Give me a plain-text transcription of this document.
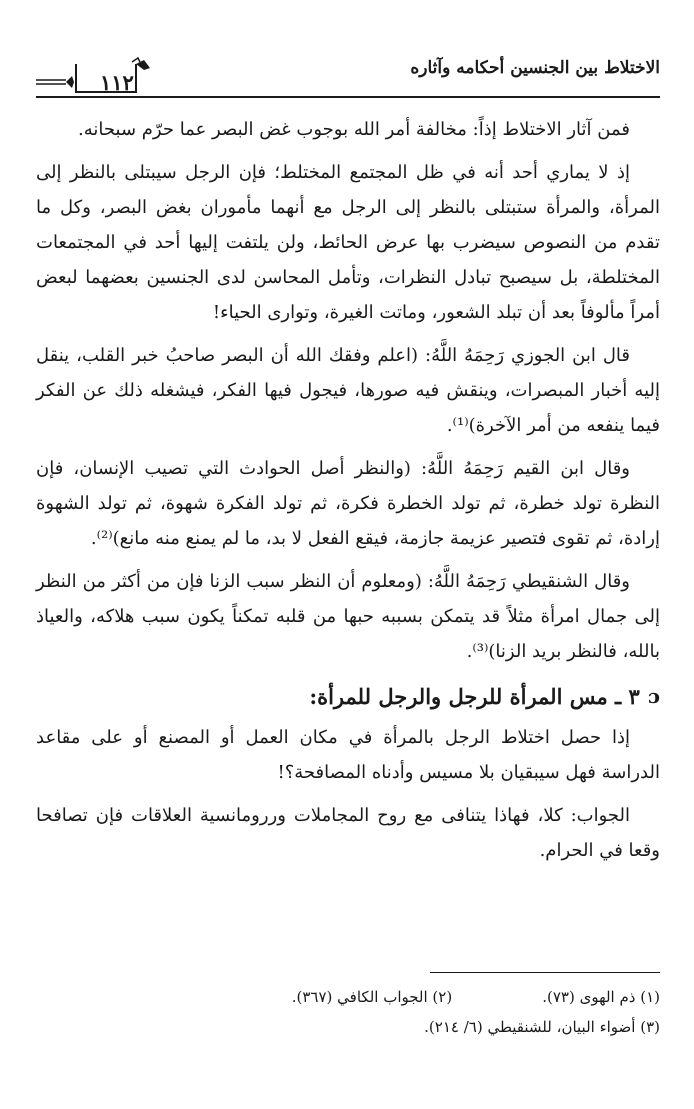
الاختلاط بين الجنسين أحكامه وآثاره
١١٢

فمن آثار الاختلاط إذاً: مخالفة أمر الله بوجوب غض البصر عما حرّم سبحانه.

إذ لا يماري أحد أنه في ظل المجتمع المختلط؛ فإن الرجل سيبتلى بالنظر إلى المرأة، والمرأة ستبتلى بالنظر إلى الرجل مع أنهما مأموران بغض البصر، وكل ما تقدم من النصوص سيضرب بها عرض الحائط، ولن يلتفت إليها أحد في المجتمعات المختلطة، بل سيصبح تبادل النظرات، وتأمل المحاسن لدى الجنسين بعضهما لبعض أمراً مألوفاً بعد أن تبلد الشعور، وماتت الغيرة، وتوارى الحياء!

قال ابن الجوزي رَحِمَهُ اللَّهُ: (اعلم وفقك الله أن البصر صاحبُ خبر القلب، ينقل إليه أخبار المبصرات، وينقش فيه صورها، فيجول فيها الفكر، فيشغله ذلك عن الفكر فيما ينفعه من أمر الآخرة)⁽¹⁾.

وقال ابن القيم رَحِمَهُ اللَّهُ: (والنظر أصل الحوادث التي تصيب الإنسان، فإن النظرة تولد خطرة، ثم تولد الخطرة فكرة، ثم تولد الفكرة شهوة، ثم تولد الشهوة إرادة، ثم تقوى فتصير عزيمة جازمة، فيقع الفعل لا بد، ما لم يمنع منه مانع)⁽²⁾.

وقال الشنقيطي رَحِمَهُ اللَّهُ: (ومعلوم أن النظر سبب الزنا فإن من أكثر من النظر إلى جمال امرأة مثلاً قد يتمكن بسببه حبها من قلبه تمكناً يكون سبب هلاكه، والعياذ بالله، فالنظر بريد الزنا)⁽³⁾.

ɔ
٣ ـ مس المرأة للرجل والرجل للمرأة:

إذا حصل اختلاط الرجل بالمرأة في مكان العمل أو المصنع أو على مقاعد الدراسة فهل سيبقيان بلا مسيس وأدناه المصافحة؟!

الجواب: كلا، فهاذا يتنافى مع روح المجاملات وررومانسية العلاقات فإن تصافحا وقعا في الحرام.

(١) ذم الهوى (٧٣).
(٢) الجواب الكافي (٣٦٧).
(٣) أضواء البيان، للشنقيطي (٦/ ٢١٤).
